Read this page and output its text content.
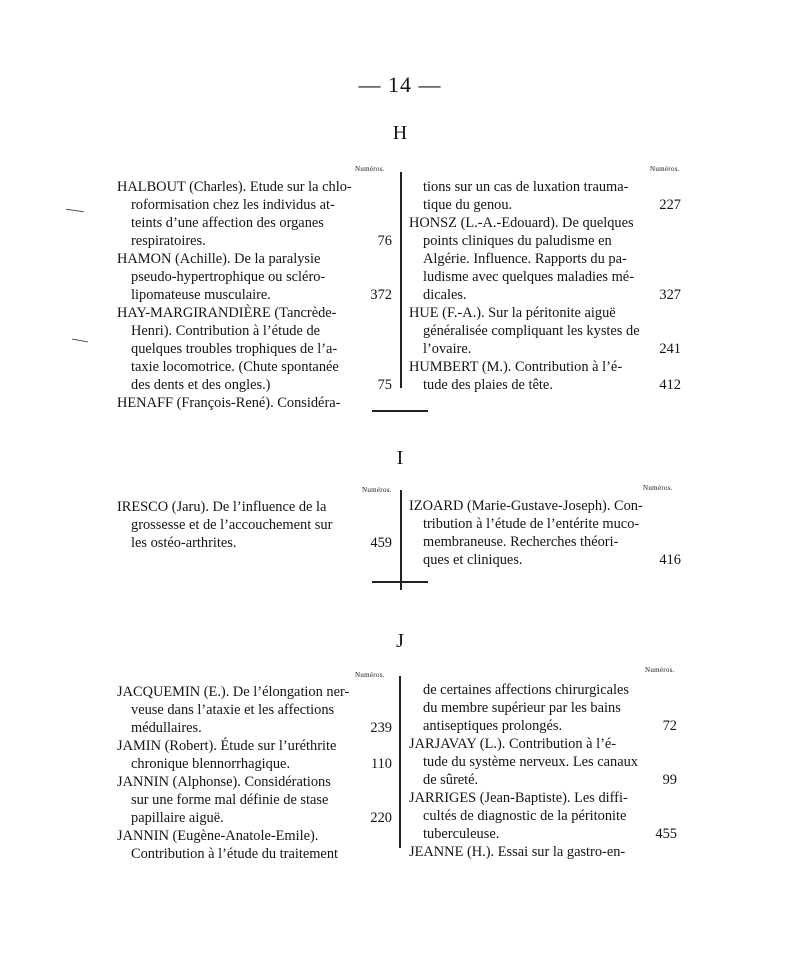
— 14 —
H
Numéros.	Numéros.
HALBOUT (Charles). Etude sur la chlo-
roformisation chez les individus at-
teints d’une affection des organes
respiratoires.	76
HAMON (Achille). De la paralysie
pseudo-hypertrophique ou scléro-
lipomateuse musculaire.	372
HAY-MARGIRANDIÈRE (Tancrède-
Henri). Contribution à l’étude de
quelques troubles trophiques de l’a-
taxie locomotrice. (Chute spontanée
des dents et des ongles.)	75
HENAFF (François-René). Considéra-
tions sur un cas de luxation trauma-
tique du genou.	227
HONSZ (L.-A.-Edouard). De quelques
points cliniques du paludisme en
Algérie. Influence. Rapports du pa-
ludisme avec quelques maladies mé-
dicales.	327
HUE (F.-A.). Sur la péritonite aiguë
généralisée compliquant les kystes de
l’ovaire.	241
HUMBERT (M.). Contribution à l’é-
tude des plaies de tête.	412
I
Numéros.	Numéros.
IRESCO (Jaru). De l’influence de la
grossesse et de l’accouchement sur
les ostéo-arthrites.	459
IZOARD (Marie-Gustave-Joseph). Con-
tribution à l’étude de l’entérite muco-
membraneuse. Recherches théori-
ques et cliniques.	416
J
Numéros.
Numéros.
JACQUEMIN (E.). De l’élongation ner-
veuse dans l’ataxie et les affections
médullaires.	239
JAMIN (Robert). Étude sur l’uréthrite
chronique blennorrhagique.	110
JANNIN (Alphonse). Considérations
sur une forme mal définie de stase
papillaire aiguë.	220
JANNIN (Eugène-Anatole-Emile).
Contribution à l’étude du traitement
de certaines affections chirurgicales
du membre supérieur par les bains
antiseptiques prolongés.	72
JARJAVAY (L.). Contribution à l’é-
tude du système nerveux. Les canaux
de sûreté.	99
JARRIGES (Jean-Baptiste). Les diffi-
cultés de diagnostic de la péritonite
tuberculeuse.	455
JEANNE (H.). Essai sur la gastro-en-
